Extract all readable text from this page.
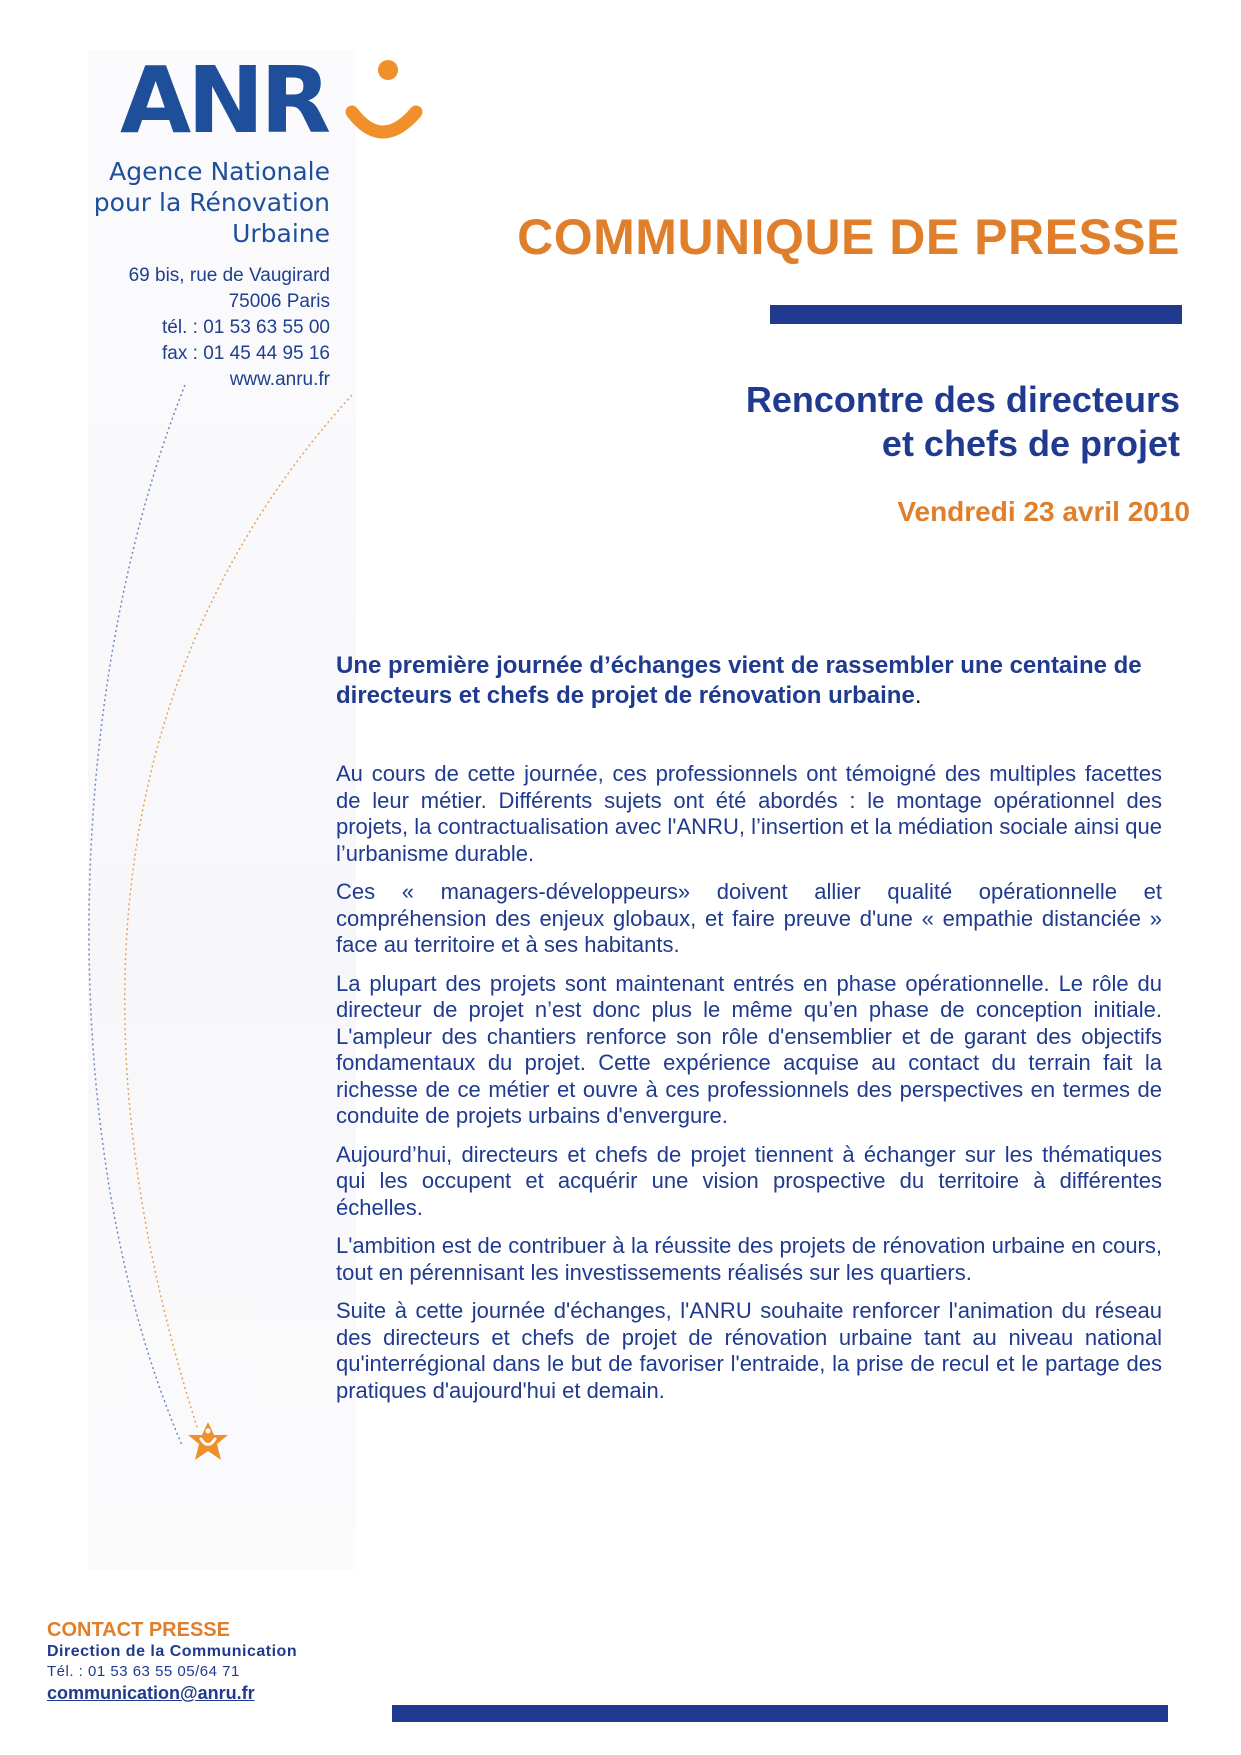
ANR
Agence Nationale
pour la Rénovation
Urbaine
69 bis, rue de Vaugirard
75006 Paris
tél. : 01 53 63 55 00
fax : 01 45 44 95 16
www.anru.fr
COMMUNIQUE DE PRESSE
Rencontre des directeurs
et chefs de projet
Vendredi 23 avril 2010
Une première journée d’échanges vient de rassembler une centaine de directeurs et chefs de projet de rénovation urbaine.

Au cours de cette journée, ces professionnels ont témoigné des multiples facettes de leur métier. Différents sujets ont été abordés : le montage opérationnel des projets, la contractualisation avec l'ANRU, l’insertion et la médiation sociale ainsi que l’urbanisme durable.

Ces « managers-développeurs» doivent allier qualité opérationnelle et compréhension des enjeux globaux, et faire preuve d'une « empathie distanciée » face au territoire et à ses habitants.

La plupart des projets sont maintenant entrés en phase opérationnelle. Le rôle du directeur de projet n’est donc plus le même qu’en phase de conception initiale. L'ampleur des chantiers renforce son rôle d'ensemblier et de garant des objectifs fondamentaux du projet. Cette expérience acquise au contact du terrain fait la richesse de ce métier et ouvre à ces professionnels des perspectives en termes de conduite de projets urbains d'envergure.

Aujourd’hui, directeurs et chefs de projet tiennent à échanger sur les thématiques qui les occupent et acquérir une vision prospective du territoire à différentes échelles.

L'ambition est de contribuer à la réussite des projets de rénovation urbaine en cours, tout en pérennisant les investissements réalisés sur les quartiers.

Suite à cette journée d'échanges, l'ANRU souhaite renforcer l'animation du réseau des directeurs et chefs de projet de rénovation urbaine tant au niveau national qu'interrégional dans le but de favoriser l'entraide, la prise de recul et le partage des pratiques d'aujourd'hui et demain.

CONTACT PRESSE
Direction de la Communication
Tél. : 01 53 63 55 05/64 71
communication@anru.fr
